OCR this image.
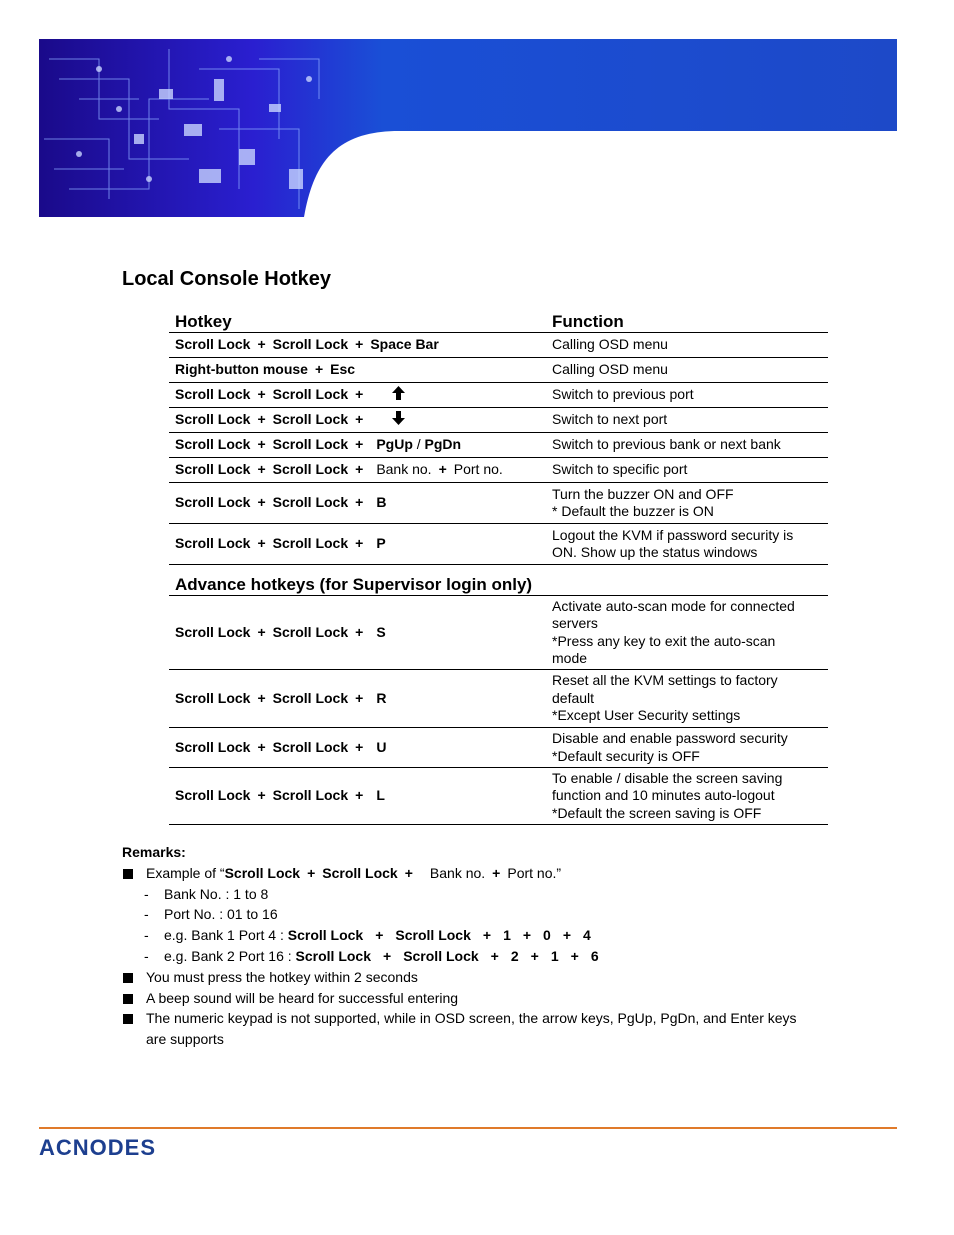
Local Console Hotkey
Hotkey	Function
Scroll Lock + Scroll Lock + Space Bar	Calling OSD menu
Right-button mouse + Esc	Calling OSD menu
Scroll Lock + Scroll Lock +	Switch to previous port
Scroll Lock + Scroll Lock +	Switch to next port
Scroll Lock + Scroll Lock + PgUp / PgDn	Switch to previous bank or next bank
Scroll Lock + Scroll Lock + Bank no. + Port no.	Switch to specific port
Scroll Lock + Scroll Lock + B	Turn the buzzer ON and OFF
* Default the buzzer is ON

Scroll Lock + Scroll Lock + P	Logout the KVM if password security is
ON. Show up the status windows

Advance hotkeys (for Supervisor login only)	
Scroll Lock + Scroll Lock + S	Activate auto-scan mode for connected
servers
*Press any key to exit the auto-scan
mode

Scroll Lock + Scroll Lock + R	Reset all the KVM settings to factory
default
*Except User Security settings

Scroll Lock + Scroll Lock + U	Disable and enable password security
*Default security is OFF

Scroll Lock + Scroll Lock + L	To enable / disable the screen saving
function and 10 minutes auto-logout
*Default the screen saving is OFF
Remarks:
Example of “Scroll Lock + Scroll Lock + Bank no. + Port no.”
- Bank No. : 1 to 8
- Port No. : 01 to 16
- e.g. Bank 1 Port 4 : Scroll Lock + Scroll Lock + 1 + 0 + 4
- e.g. Bank 2 Port 16 : Scroll Lock + Scroll Lock + 2 + 1 + 6
You must press the hotkey within 2 seconds
A beep sound will be heard for successful entering
The numeric keypad is not supported, while in OSD screen, the arrow keys, PgUp, PgDn, and Enter keys
are supports
ACNODES
